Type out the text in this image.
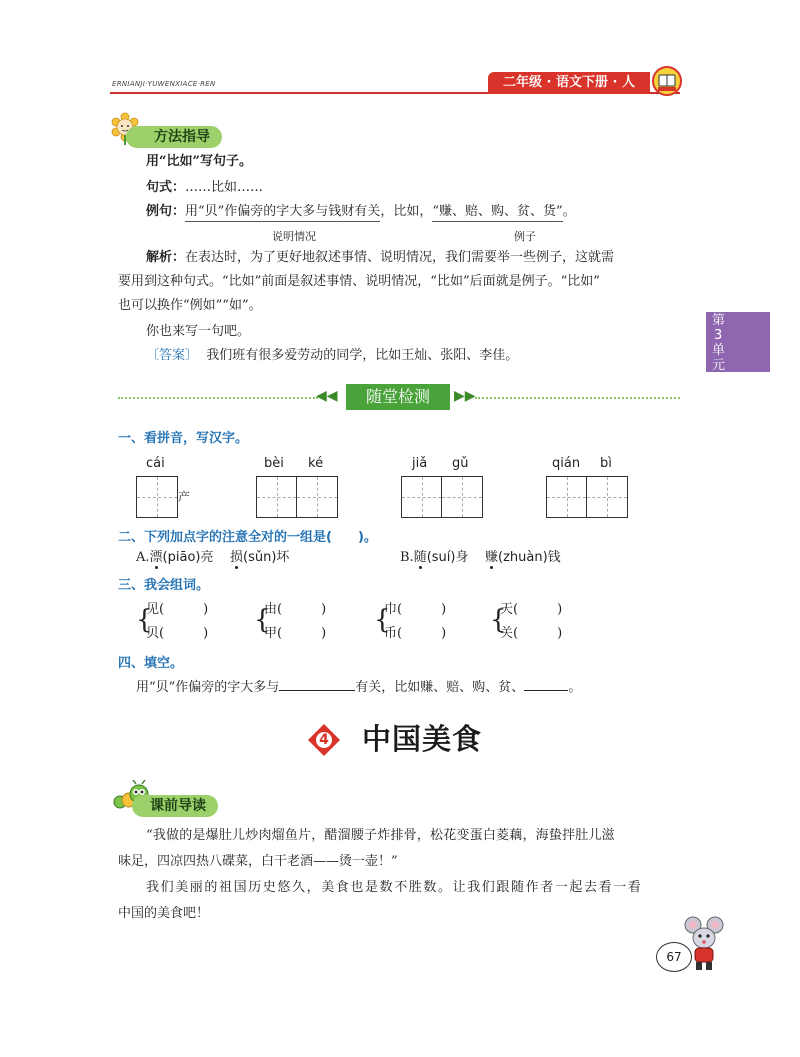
ERNIANJI·YUWENXIACE·REN	二年级 · 语文下册 · 人
第
3
单
元
方法指导
用“比如”写句子。
句式：……比如……
例句：用“贝”作偏旁的字大多与钱财有关，比如，“赚、赔、购、贫、货”。
说明情况	例子
解析：在表达时，为了更好地叙述事情、说明情况，我们需要举一些例子，这就需
要用到这种句式。“比如”前面是叙述事情、说明情况，“比如”后面就是例子。“比如”
也可以换作“例如”“如”。
你也来写一句吧。
〔答案〕 我们班有很多爱劳动的同学，比如王灿、张阳、李佳。
◀◀	▶▶
随堂检测
一、看拼音，写汉字。
cái
产
bèi ké	jiǎ gǔ	qián bì
二、下列加点字的注意全对的一组是(　　)。
A.漂(piāo)亮 损(sǔn)坏	B.随(suí)身 赚(zhuàn)钱
三、我会组词。
{
见(　　　)
贝(　　　) {
由(　　　)
甲(　　　) {
巾(　　　)
币(　　　) {
天(　　　)
关(　　　)
四、填空。
用“贝”作偏旁的字大多与	有关，比如赚、赔、购、贫、	。
4	中国美食
课前导读
“我做的是爆肚儿炒肉熘鱼片，醋溜腰子炸排骨，松花变蛋白菱藕，海蛰拌肚儿滋
味足，四凉四热八碟菜，白干老酒——烫一壶！”
我们美丽的祖国历史悠久，美食也是数不胜数。让我们跟随作者一起去看一看
中国的美食吧！
67
